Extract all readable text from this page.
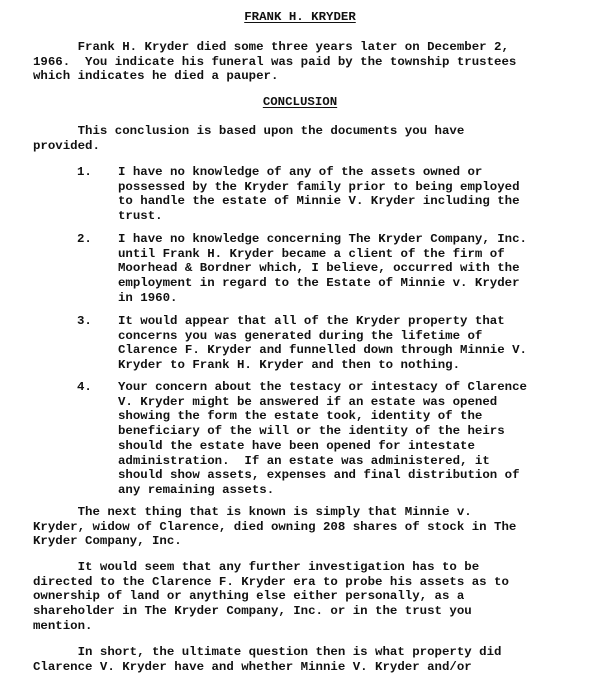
FRANK H. KRYDER

Frank H. Kryder died some three years later on December 2,
1966.  You indicate his funeral was paid by the township trustees
which indicates he died a pauper.

CONCLUSION

This conclusion is based upon the documents you have
provided.

1. I have no knowledge of any of the assets owned or
possessed by the Kryder family prior to being employed
to handle the estate of Minnie V. Kryder including the
trust.
2. I have no knowledge concerning The Kryder Company, Inc.
until Frank H. Kryder became a client of the firm of
Moorhead & Bordner which, I believe, occurred with the
employment in regard to the Estate of Minnie v. Kryder
in 1960.
3. It would appear that all of the Kryder property that
concerns you was generated during the lifetime of
Clarence F. Kryder and funnelled down through Minnie V.
Kryder to Frank H. Kryder and then to nothing.
4. Your concern about the testacy or intestacy of Clarence
V. Kryder might be answered if an estate was opened
showing the form the estate took, identity of the
beneficiary of the will or the identity of the heirs
should the estate have been opened for intestate
administration.  If an estate was administered, it
should show assets, expenses and final distribution of
any remaining assets.

The next thing that is known is simply that Minnie v.
Kryder, widow of Clarence, died owning 208 shares of stock in The
Kryder Company, Inc.

It would seem that any further investigation has to be
directed to the Clarence F. Kryder era to probe his assets as to
ownership of land or anything else either personally, as a
shareholder in The Kryder Company, Inc. or in the trust you
mention.

In short, the ultimate question then is what property did
Clarence V. Kryder have and whether Minnie V. Kryder and/or
